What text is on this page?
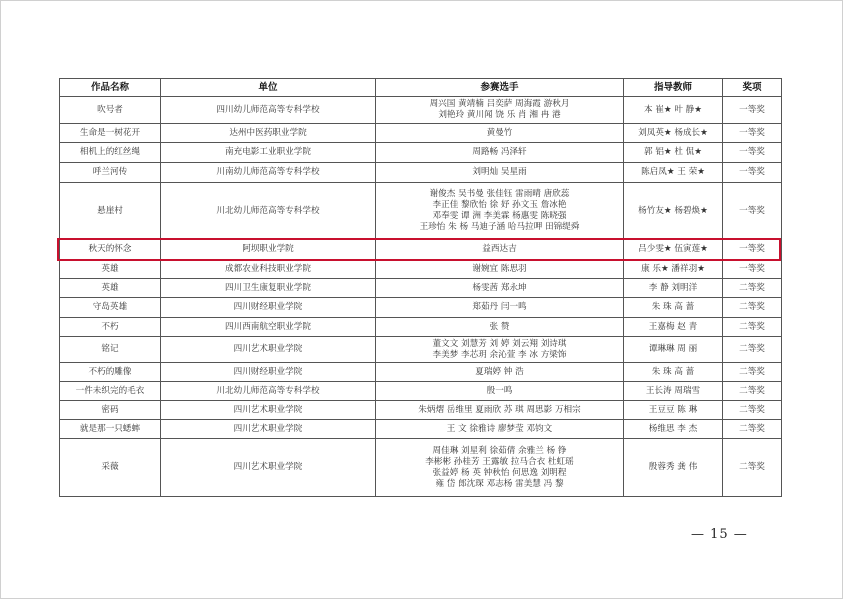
作品名称	单位	参赛选手	指导教师	奖项
吹号者	四川幼儿师范高等专科学校	周兴国 黄靖楠 吕奕萨 周海霞 游秋月
刘艳玲 黄川闻 饶 乐 肖 湘 冉 港	本 崔★ 叶 静★	一等奖
生命是一树花开	达州中医药职业学院	黄曼竹	刘凤英★ 杨成长★	一等奖
相机上的红丝绳	南充电影工业职业学院	周路畅 冯泽轩	郭 铝★ 杜 侃★	一等奖
呼兰河传	川南幼儿师范高等专科学校	刘明灿 吴星雨	陈启凤★ 王 荣★	一等奖
悬崖村	川北幼儿师范高等专科学校	谢俊杰 吴书曼 张佳钰 雷雨晴 唐欣蕊
李正佳 黎欣怡 徐 妤 孙文玉 詹冰艳
邓奉雯 谭 洲 李美霖 杨惠雯 陈晓强
王珍怡 朱 杨 马迪子涵 哈马拉呷 田锦缇舜	杨竹友★ 杨碧焕★	一等奖
秋天的怀念	阿坝职业学院	益西达吉	吕少雯★ 伍寅莲★	一等奖
英雄	成都农业科技职业学院	谢婉宜 陈思羽	康 乐★ 潘祥羽★	一等奖
英雄	四川卫生康复职业学院	杨雯茜 郑永坤	李 静 刘明洋	二等奖
守岛英雄	四川财经职业学院	郑茹丹 闫一鸣	朱 珠 高 蔷	二等奖
不朽	四川西南航空职业学院	张 赞	王嘉梅 赵 青	二等奖
铭记	四川艺术职业学院	董文文 刘慧芳 刘 婷 刘云翔 刘诗琪
李美梦 李芯玥 余沁萱 李 冰 方梁饰	谭琳琳 周 丽	二等奖
不朽的雕像	四川财经职业学院	夏瑞婷 钟 浩	朱 珠 高 蔷	二等奖
一件未织完的毛衣	川北幼儿师范高等专科学校	殷一鸣	王长涛 周瑞雪	二等奖
密码	四川艺术职业学院	朱炳熠 岳维里 夏雨欣 苏 琪 周思影 万相宗	王豆豆 陈 琳	二等奖
就是那一只蟋蟀	四川艺术职业学院	王 文 徐雅诗 廖梦莹 邓钧文	杨维思 李 杰	二等奖
采薇	四川艺术职业学院	周佳琳 刘星利 徐茹倩 余雅兰 杨 铮
李彬彬 孙桂芳 王露敏 拉马合衣 杜虹瑶
张益婷 杨 英 钟秋怡 何思逸 刘明程
雍 岱 郎沈琛 邓志杨 雷美慧 冯 黎	殷蓉秀 龚 伟	二等奖
— 15 —
